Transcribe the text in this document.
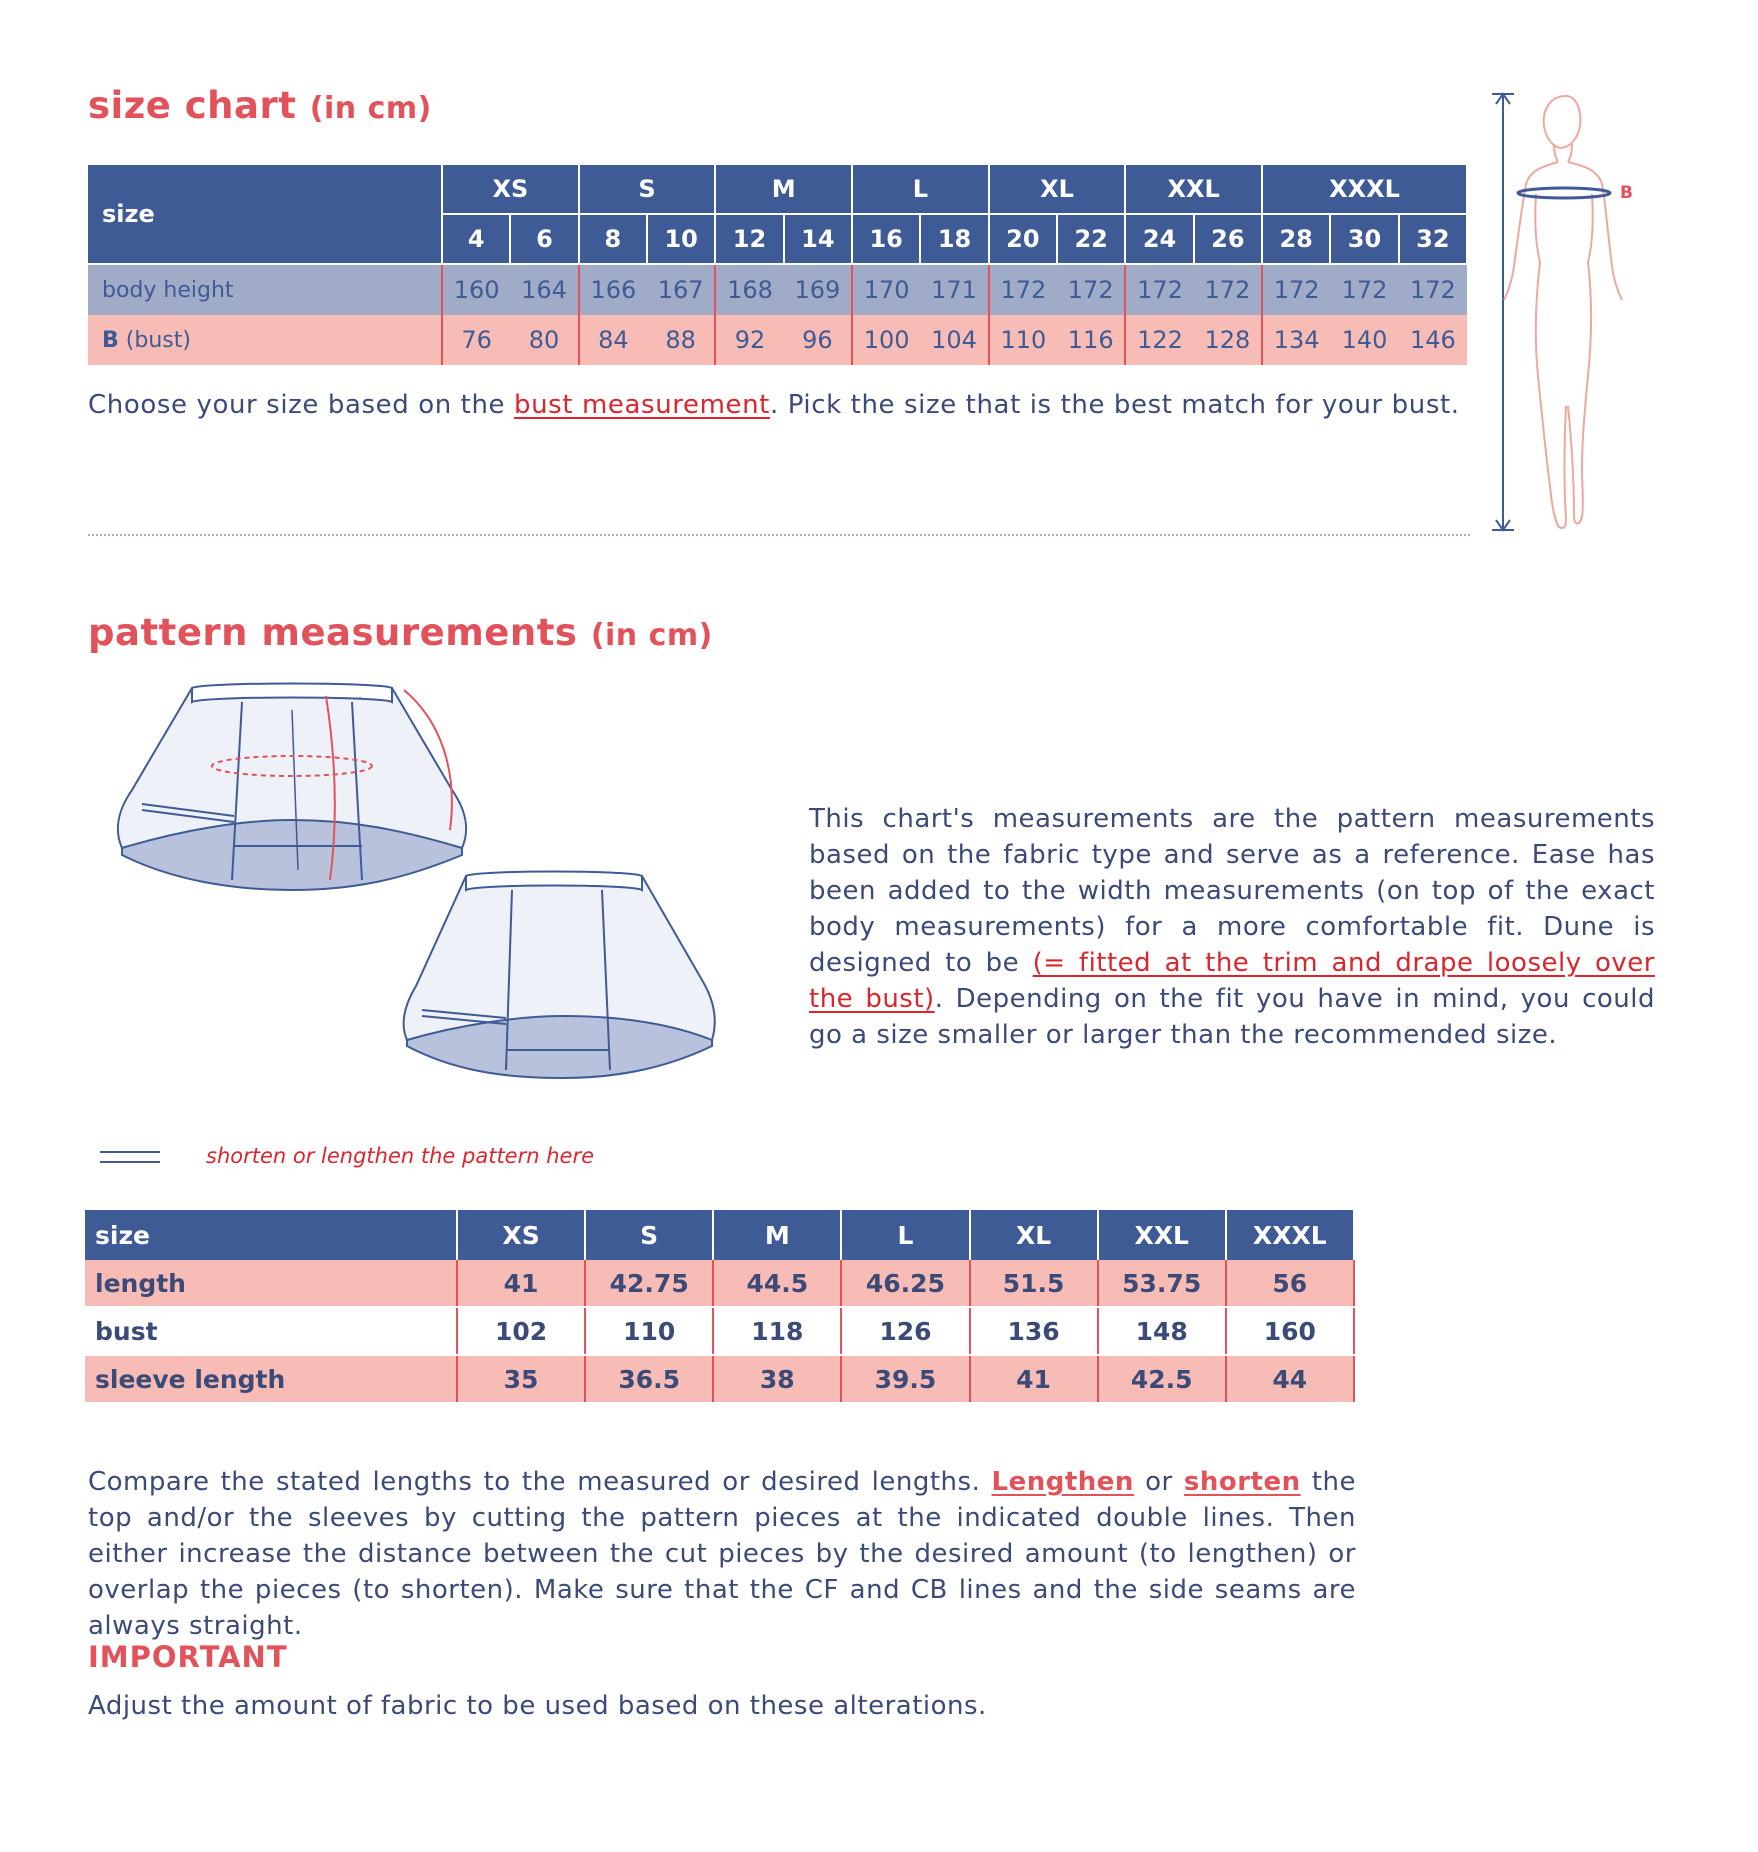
size chart (in cm)
size	XS		S		M		L		XL		XXL		XXXL		
	4	6	8	10	12	14	16	18	20	22	24	26	28	30	32
body height	160	164	166	167	168	169	170	171	172	172	172	172	172	172	172
B (bust)	76	80	84	88	92	96	100	104	110	116	122	128	134	140	146
Choose your size based on the bust measurement. Pick the size that is the best match for your bust.
B
pattern measurements (in cm)
This chart's measurements are the pattern measurements based on the fabric type and serve as a reference. Ease has been added to the width measurements (on top of the exact body measurements) for a more comfortable fit. Dune is designed to be (= fitted at the trim and drape loosely over the bust). Depending on the fit you have in mind, you could go a size smaller or larger than the recommended size.
shorten or lengthen the pattern here
size	XS	S	M	L	XL	XXL	XXXL
length	41	42.75	44.5	46.25	51.5	53.75	56
bust	102	110	118	126	136	148	160
sleeve length	35	36.5	38	39.5	41	42.5	44
Compare the stated lengths to the measured or desired lengths. Lengthen or shorten the top and/or the sleeves by cutting the pattern pieces at the indicated double lines. Then either increase the distance between the cut pieces by the desired amount (to lengthen) or overlap the pieces (to shorten). Make sure that the CF and CB lines and the side seams are always straight.
IMPORTANT
Adjust the amount of fabric to be used based on these alterations.
